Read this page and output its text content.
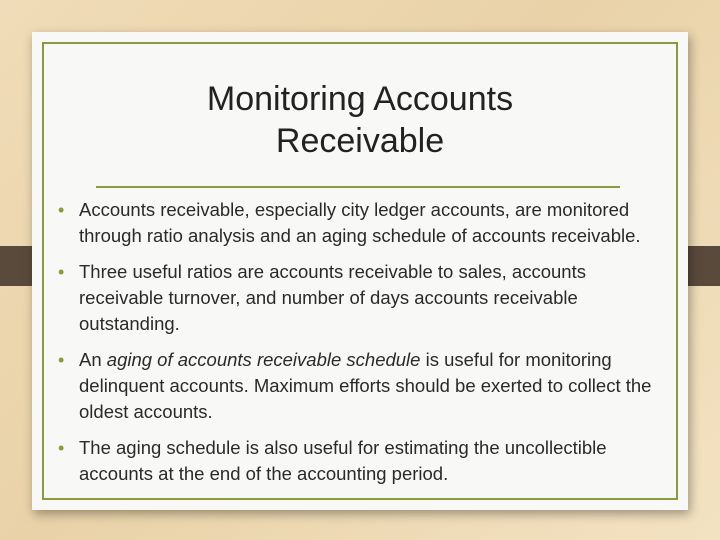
Monitoring Accounts
Receivable
• Accounts receivable, especially city ledger accounts, are monitored through ratio analysis and an aging schedule of accounts receivable.
• Three useful ratios are accounts receivable to sales, accounts receivable turnover, and number of days accounts receivable outstanding.
• An aging of accounts receivable schedule is useful for monitoring delinquent accounts. Maximum efforts should be exerted to collect the oldest accounts.
• The aging schedule is also useful for estimating the uncollectible accounts at the end of the accounting period.
